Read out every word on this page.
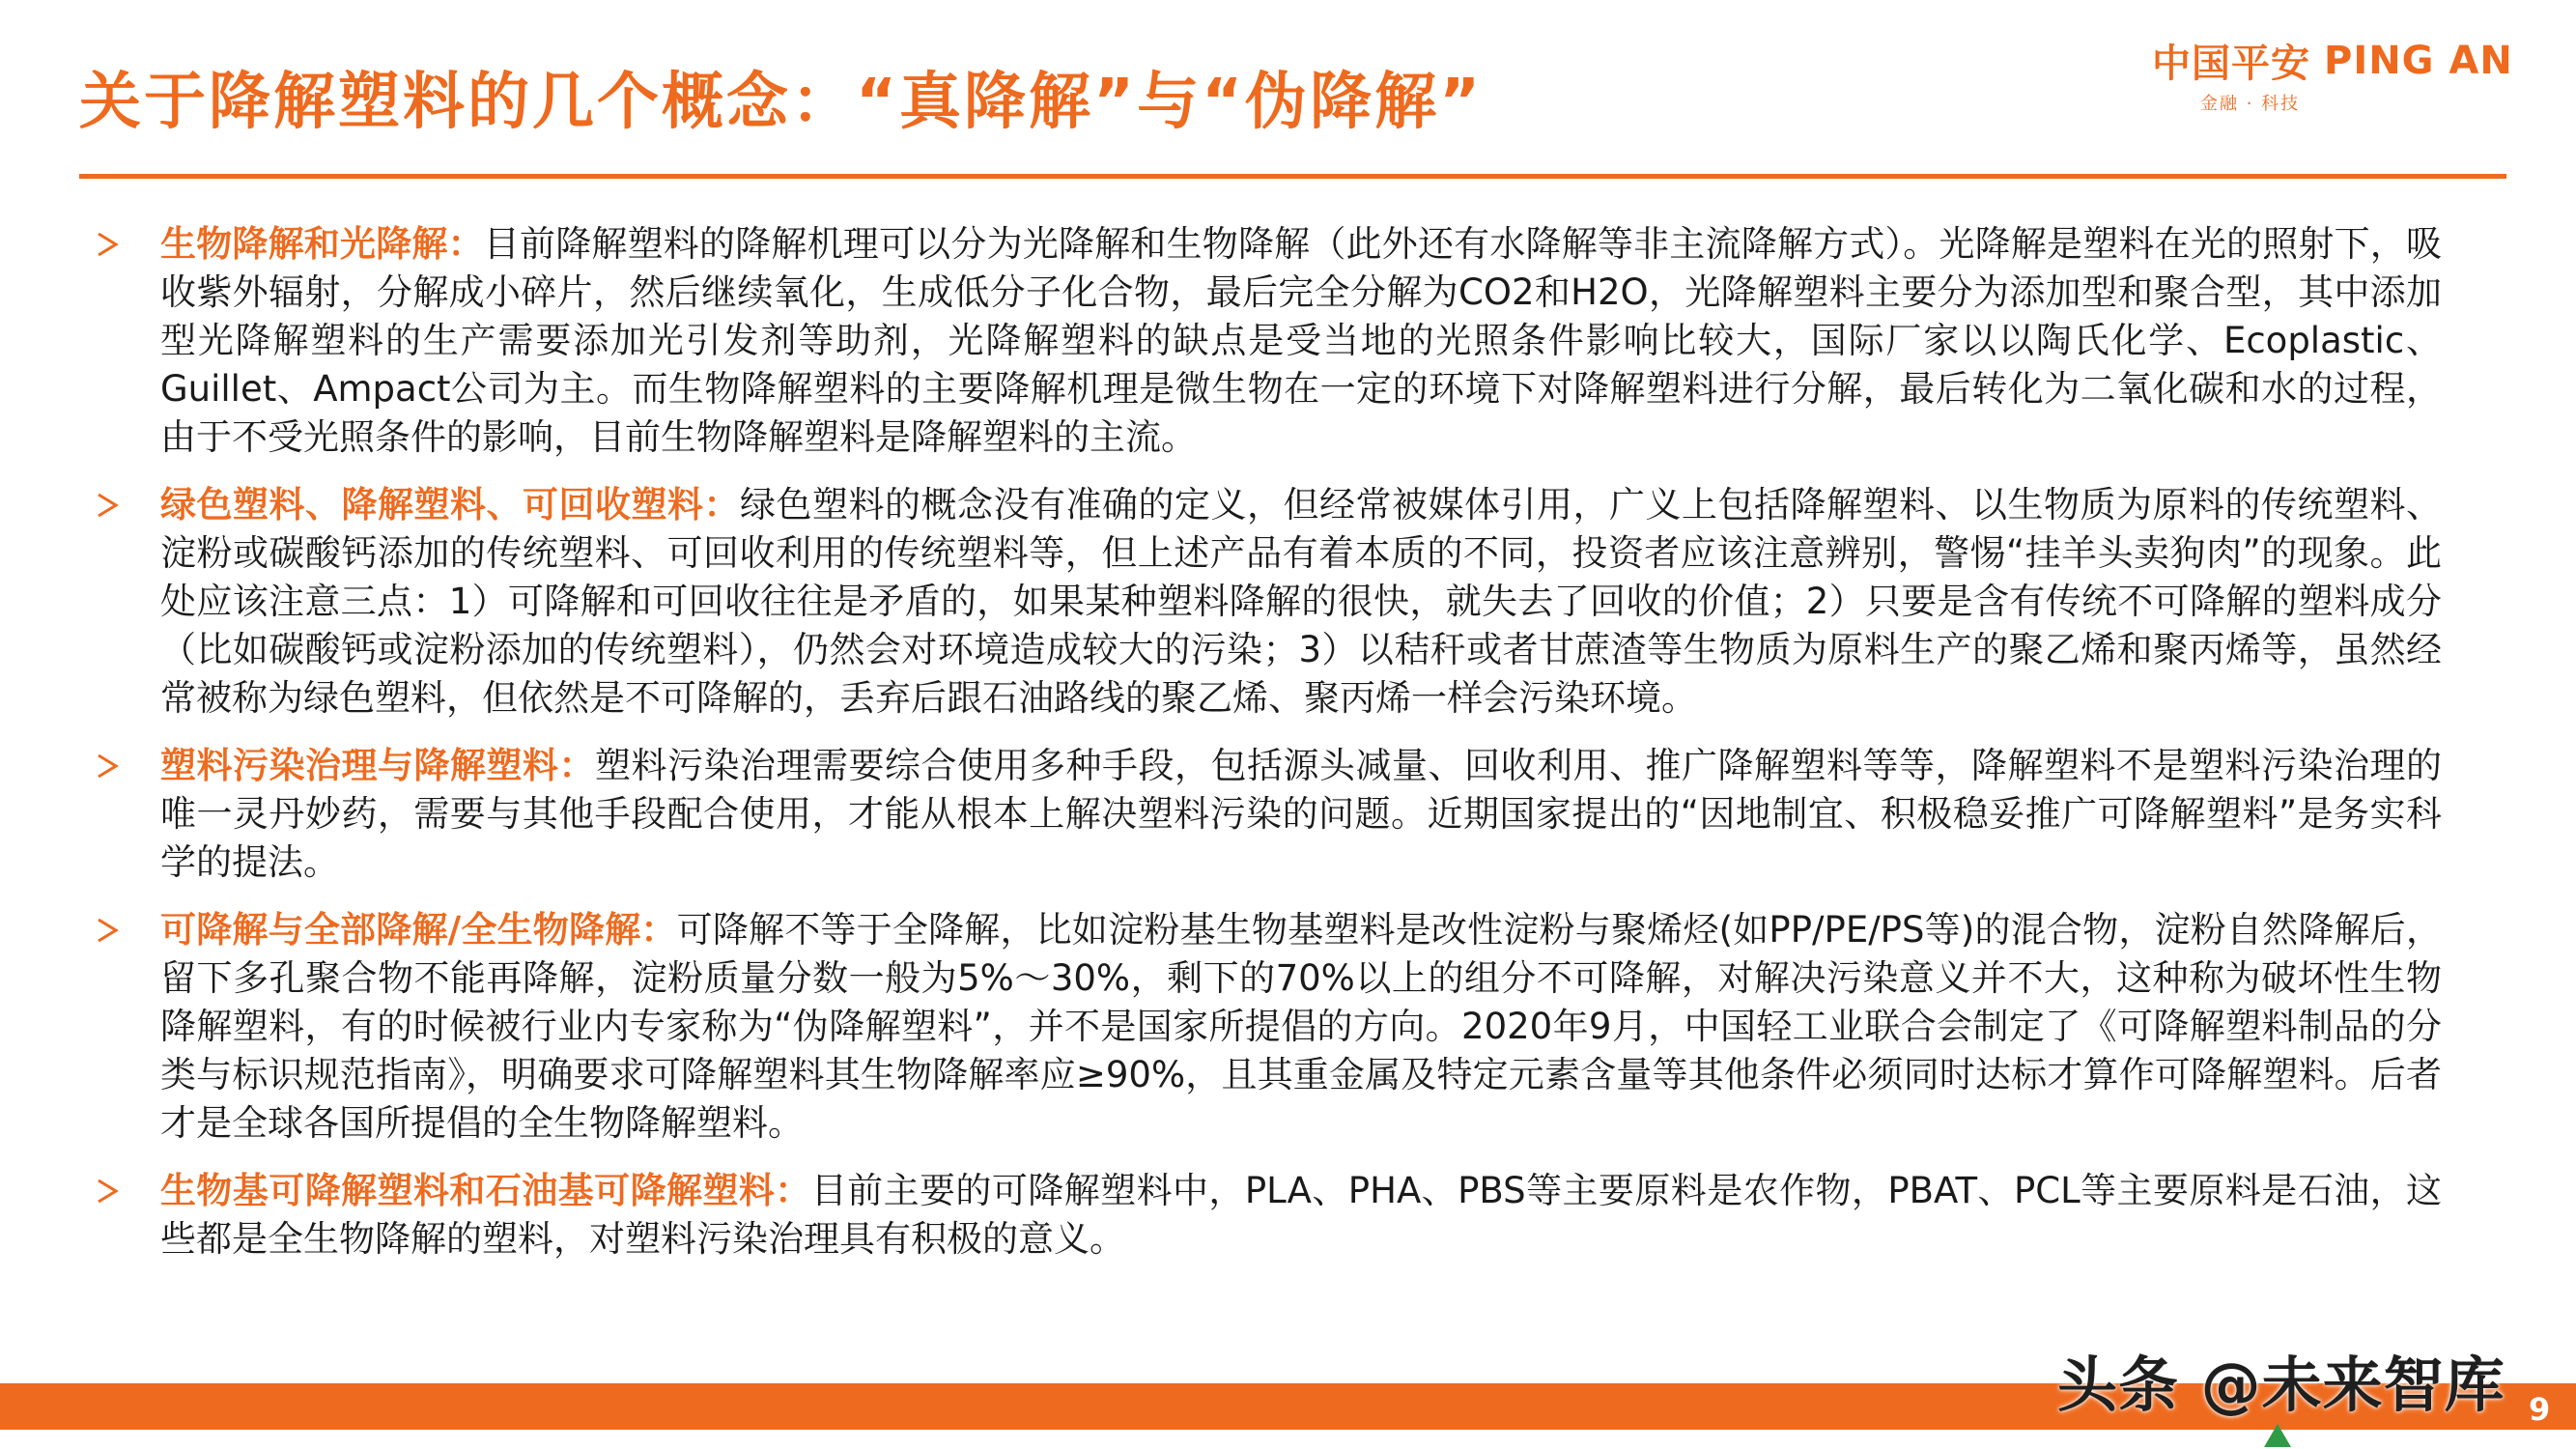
关于降解塑料的几个概念：“真降解”与“伪降解”
中国平安 PING AN
金融 · 科技
生物降解和光降解：目前降解塑料的降解机理可以分为光降解和生物降解（此外还有水降解等非主流降解方式）。光降解是塑料在光的照射下，吸收紫外辐射，分解成小碎片，然后继续氧化，生成低分子化合物，最后完全分解为CO2和H2O，光降解塑料主要分为添加型和聚合型，其中添加型光降解塑料的生产需要添加光引发剂等助剂，光降解塑料的缺点是受当地的光照条件影响比较大，国际厂家以以陶氏化学、Ecoplastic、Guillet、Ampact公司为主。而生物降解塑料的主要降解机理是微生物在一定的环境下对降解塑料进行分解，最后转化为二氧化碳和水的过程，由于不受光照条件的影响，目前生物降解塑料是降解塑料的主流。
绿色塑料、降解塑料、可回收塑料：绿色塑料的概念没有准确的定义，但经常被媒体引用，广义上包括降解塑料、以生物质为原料的传统塑料、淀粉或碳酸钙添加的传统塑料、可回收利用的传统塑料等，但上述产品有着本质的不同，投资者应该注意辨别，警惕“挂羊头卖狗肉”的现象。此处应该注意三点：1）可降解和可回收往往是矛盾的，如果某种塑料降解的很快，就失去了回收的价值；2）只要是含有传统不可降解的塑料成分（比如碳酸钙或淀粉添加的传统塑料），仍然会对环境造成较大的污染；3）以秸秆或者甘蔗渣等生物质为原料生产的聚乙烯和聚丙烯等，虽然经常被称为绿色塑料，但依然是不可降解的，丢弃后跟石油路线的聚乙烯、聚丙烯一样会污染环境。
塑料污染治理与降解塑料：塑料污染治理需要综合使用多种手段，包括源头减量、回收利用、推广降解塑料等等，降解塑料不是塑料污染治理的唯一灵丹妙药，需要与其他手段配合使用，才能从根本上解决塑料污染的问题。近期国家提出的“因地制宜、积极稳妥推广可降解塑料”是务实科学的提法。
可降解与全部降解/全生物降解：可降解不等于全降解，比如淀粉基生物基塑料是改性淀粉与聚烯烃(如PP/PE/PS等)的混合物，淀粉自然降解后，留下多孔聚合物不能再降解，淀粉质量分数一般为5%～30%，剩下的70%以上的组分不可降解，对解决污染意义并不大，这种称为破坏性生物降解塑料，有的时候被行业内专家称为“伪降解塑料”，并不是国家所提倡的方向。2020年9月，中国轻工业联合会制定了《可降解塑料制品的分类与标识规范指南》，明确要求可降解塑料其生物降解率应≥90%，且其重金属及特定元素含量等其他条件必须同时达标才算作可降解塑料。后者才是全球各国所提倡的全生物降解塑料。
生物基可降解塑料和石油基可降解塑料：目前主要的可降解塑料中，PLA、PHA、PBS等主要原料是农作物，PBAT、PCL等主要原料是石油，这些都是全生物降解的塑料，对塑料污染治理具有积极的意义。
头条 @未来智库 9
